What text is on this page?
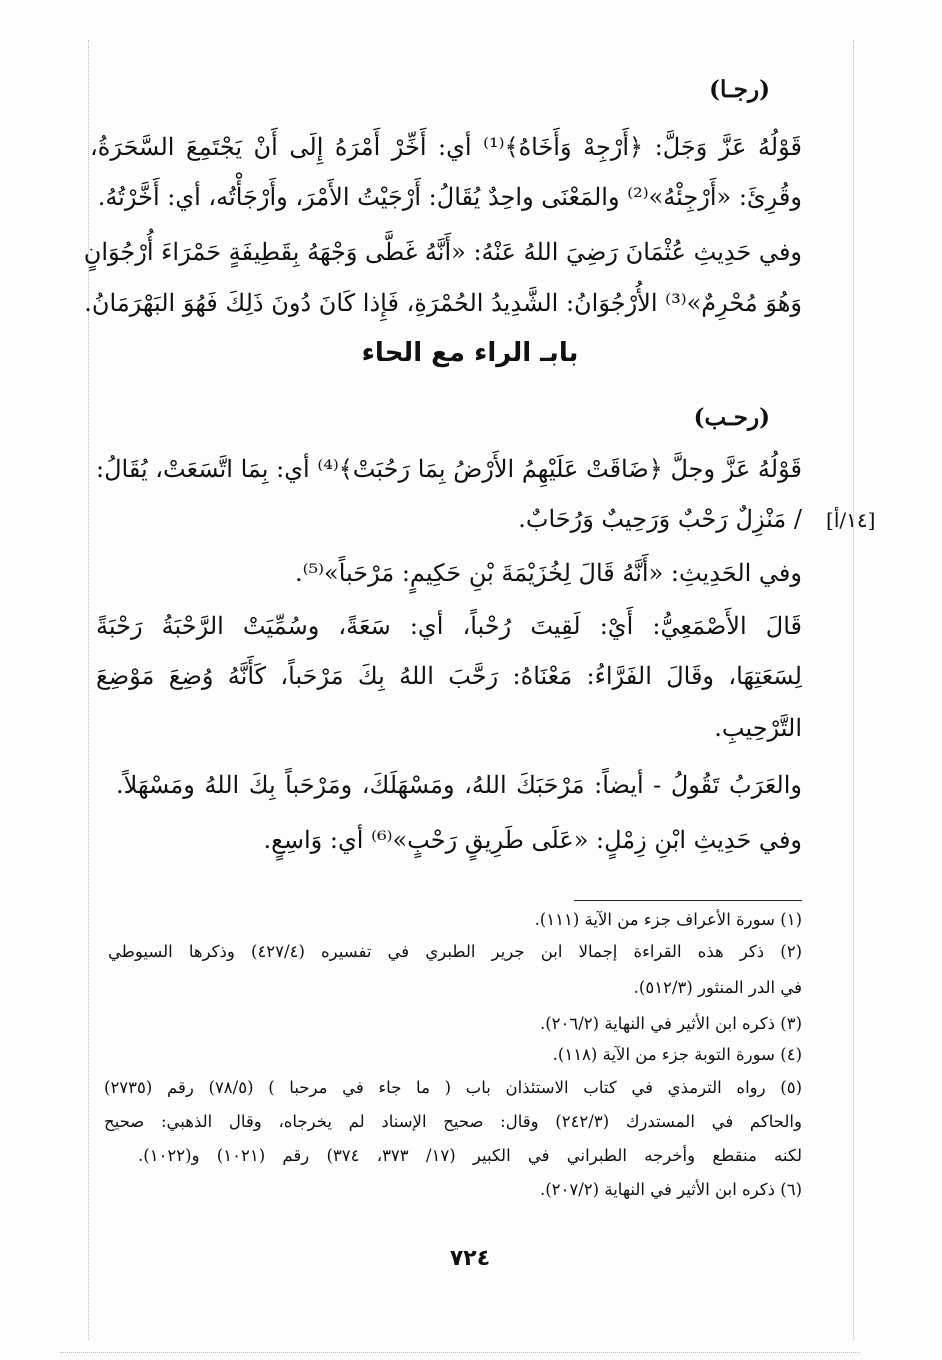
(رجـا)
قَوْلُهُ عَزَّ وَجَلَّ: ﴿أَرْجِهْ وَأَخَاهُ﴾⁽¹⁾ أي: أَخِّرْ أَمْرَهُ إِلَى أَنْ يَجْتَمِعَ السَّحَرَةُ،
وقُرِئَ: «أَرْجِئْهُ»⁽²⁾ والمَعْنَى واحِدٌ يُقَالُ: أَرْجَيْتُ الأَمْرَ، وأَرْجَأْتُه، أي: أَخَّرْتُهُ.
وفي حَدِيثِ عُثْمَانَ رَضِيَ اللهُ عَنْهُ: «أَنَّهُ غَطَّى وَجْهَهُ بِقَطِيفَةٍ حَمْرَاءَ أُرْجُوَانٍ
وَهُوَ مُحْرِمٌ»⁽³⁾ الأُرْجُوَانُ: الشَّدِيدُ الحُمْرَةِ، فَإِذا كَانَ دُونَ ذَلِكَ فَهُوَ البَهْرَمَانُ.
بابـ الراء مع الحاء
(رحـب)
قَوْلُهُ عَزَّ وجلَّ ﴿ضَاقَتْ عَلَيْهِمُ الأَرْضُ بِمَا رَحُبَتْ﴾⁽⁴⁾ أي: بِمَا اتَّسَعَتْ، يُقَالُ:
[١٤/أ]
/ مَنْزِلٌ رَحْبٌ وَرَحِيبٌ وَرُحَابٌ.
وفي الحَدِيثِ: «أَنَّهُ قَالَ لِخُزَيْمَةَ بْنِ حَكِيمٍ: مَرْحَباً»⁽⁵⁾.
قَالَ الأَصْمَعِيُّ: أَيْ: لَقِيتَ رُحْباً، أي: سَعَةً، وسُمِّيَتْ الرَّحْبَةُ رَحْبَةً
لِسَعَتِهَا، وقَالَ الفَرَّاءُ: مَعْنَاهُ: رَحَّبَ اللهُ بِكَ مَرْحَباً، كَأَنَّهُ وُضِعَ مَوْضِعَ
التَّرْحِيبِ.
والعَرَبُ تَقُولُ - أيضاً: مَرْحَبَكَ اللهُ، ومَسْهَلَكَ، ومَرْحَباً بِكَ اللهُ ومَسْهَلاً.
وفي حَدِيثِ ابْنِ زِمْلٍ: «عَلَى طَرِيقٍ رَحْبٍ»⁽⁶⁾ أي: وَاسِعٍ.
(١) سورة الأعراف جزء من الآية (١١١).
(٢) ذكر هذه القراءة إجمالا ابن جرير الطبري في تفسيره (٤٢٧/٤) وذكرها السيوطي
في الدر المنثور (٥١٢/٣).
(٣) ذكره ابن الأثير في النهاية (٢٠٦/٢).
(٤) سورة التوبة جزء من الآية (١١٨).
(٥) رواه الترمذي في كتاب الاستئذان باب ( ما جاء في مرحبا ) (٧٨/٥) رقم (٢٧٣٥)
والحاكم في المستدرك (٢٤٢/٣) وقال: صحيح الإسناد لم يخرجاه، وقال الذهبي: صحيح
لكنه منقطع وأخرجه الطبراني في الكبير (١٧/ ٣٧٣، ٣٧٤) رقم (١٠٢١) و(١٠٢٢).
(٦) ذكره ابن الأثير في النهاية (٢٠٧/٢).
٧٢٤
